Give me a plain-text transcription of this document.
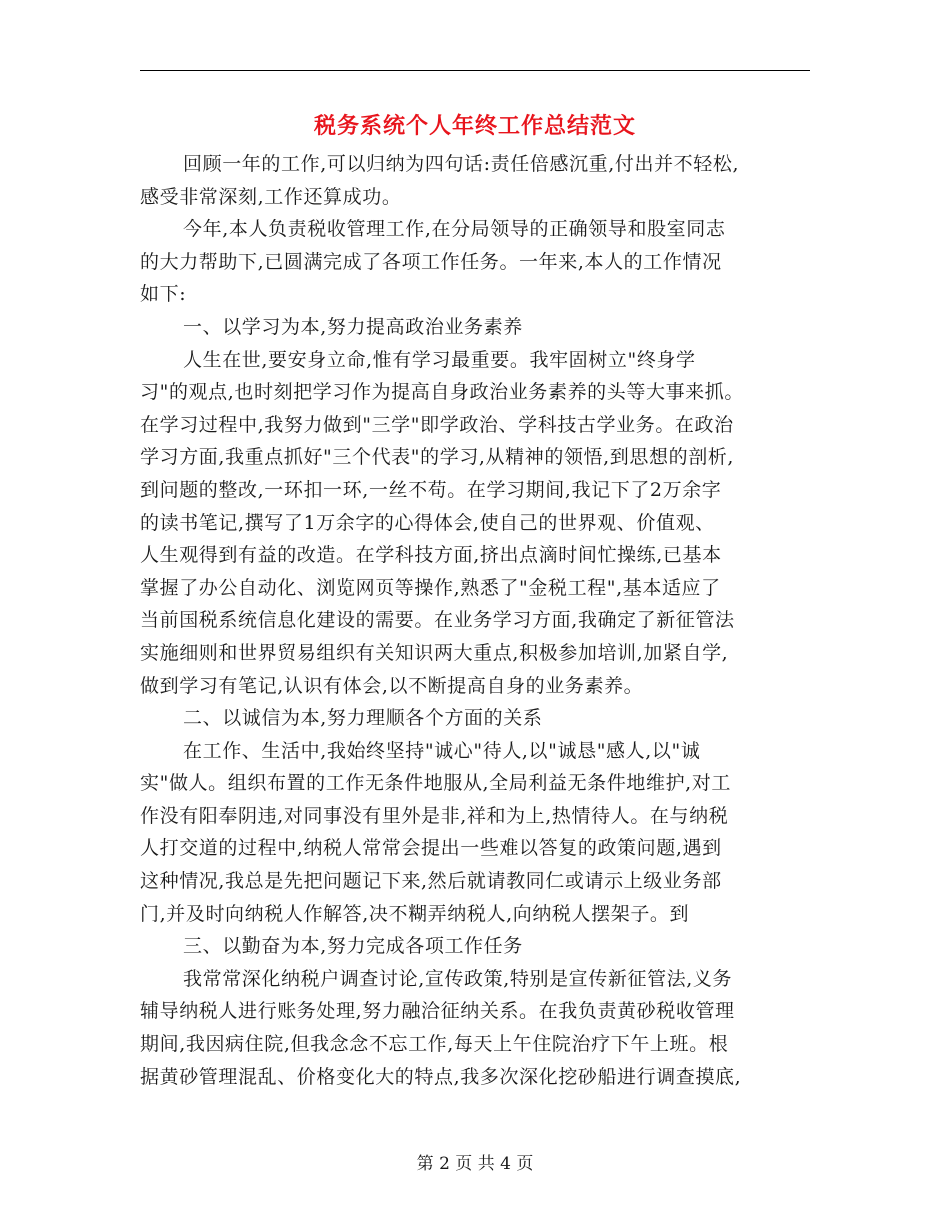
税务系统个人年终工作总结范文
回顾一年的工作,可以归纳为四句话:责任倍感沉重,付出并不轻松,
感受非常深刻,工作还算成功。
今年,本人负责税收管理工作,在分局领导的正确领导和股室同志
的大力帮助下,已圆满完成了各项工作任务。一年来,本人的工作情况
如下:
一、以学习为本,努力提高政治业务素养
人生在世,要安身立命,惟有学习最重要。我牢固树立"终身学
习"的观点,也时刻把学习作为提高自身政治业务素养的头等大事来抓。
在学习过程中,我努力做到"三学"即学政治、学科技古学业务。在政治
学习方面,我重点抓好"三个代表"的学习,从精神的领悟,到思想的剖析,
到问题的整改,一环扣一环,一丝不苟。在学习期间,我记下了2万余字
的读书笔记,撰写了1万余字的心得体会,使自己的世界观、价值观、
人生观得到有益的改造。在学科技方面,挤出点滴时间忙操练,已基本
掌握了办公自动化、浏览网页等操作,熟悉了"金税工程",基本适应了
当前国税系统信息化建设的需要。在业务学习方面,我确定了新征管法
实施细则和世界贸易组织有关知识两大重点,积极参加培训,加紧自学,
做到学习有笔记,认识有体会,以不断提高自身的业务素养。
二、以诚信为本,努力理顺各个方面的关系
在工作、生活中,我始终坚持"诚心"待人,以"诚恳"感人,以"诚
实"做人。组织布置的工作无条件地服从,全局利益无条件地维护,对工
作没有阳奉阴违,对同事没有里外是非,祥和为上,热情待人。在与纳税
人打交道的过程中,纳税人常常会提出一些难以答复的政策问题,遇到
这种情况,我总是先把问题记下来,然后就请教同仁或请示上级业务部
门,并及时向纳税人作解答,决不糊弄纳税人,向纳税人摆架子。到
三、以勤奋为本,努力完成各项工作任务
我常常深化纳税户调查讨论,宣传政策,特别是宣传新征管法,义务
辅导纳税人进行账务处理,努力融洽征纳关系。在我负责黄砂税收管理
期间,我因病住院,但我念念不忘工作,每天上午住院治疗下午上班。根
据黄砂管理混乱、价格变化大的特点,我多次深化挖砂船进行调查摸底,
第 2 页 共 4 页
